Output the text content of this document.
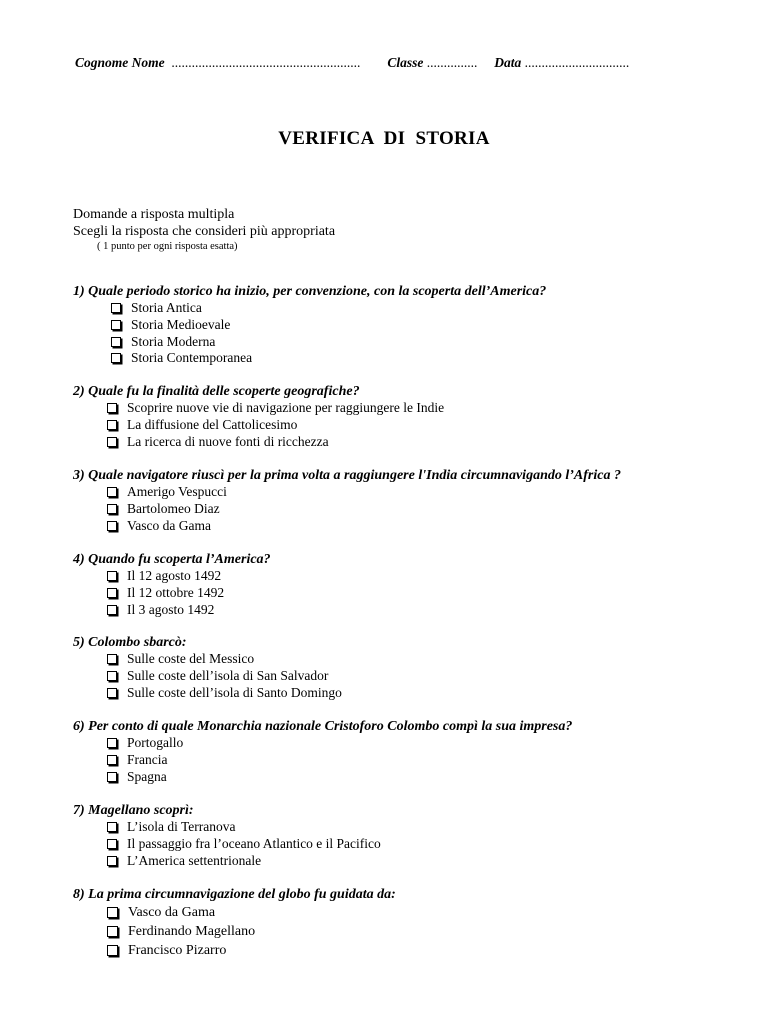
Cognome Nome ........................................................ Classe ............... Data ...............................
VERIFICA  DI  STORIA
Domande a risposta multipla
Scegli la risposta che consideri più appropriata
( 1 punto per ogni risposta esatta)
1) Quale periodo storico ha inizio, per convenzione, con la scoperta dell’America?
Storia Antica
Storia Medioevale
Storia Moderna
Storia Contemporanea
2) Quale fu la finalità delle scoperte geografiche?
Scoprire nuove vie di navigazione per raggiungere le Indie
La diffusione del Cattolicesimo
La ricerca di nuove fonti di ricchezza
3) Quale navigatore riuscì per la prima volta a raggiungere l'India circumnavigando l’Africa ?
Amerigo Vespucci
Bartolomeo Diaz
Vasco da Gama
4) Quando fu scoperta l’America?
Il 12 agosto 1492
Il 12 ottobre 1492
Il 3 agosto 1492
5) Colombo sbarcò:
Sulle coste del Messico
Sulle coste dell’isola di San Salvador
Sulle coste dell’isola di Santo Domingo
6) Per conto di quale Monarchia nazionale Cristoforo Colombo compì la sua impresa?
Portogallo
Francia
Spagna
7) Magellano scoprì:
L’isola di Terranova
Il passaggio fra l’oceano Atlantico e il Pacifico
L’America settentrionale
8) La prima circumnavigazione del globo fu guidata da:
Vasco da Gama
Ferdinando Magellano
Francisco Pizarro
